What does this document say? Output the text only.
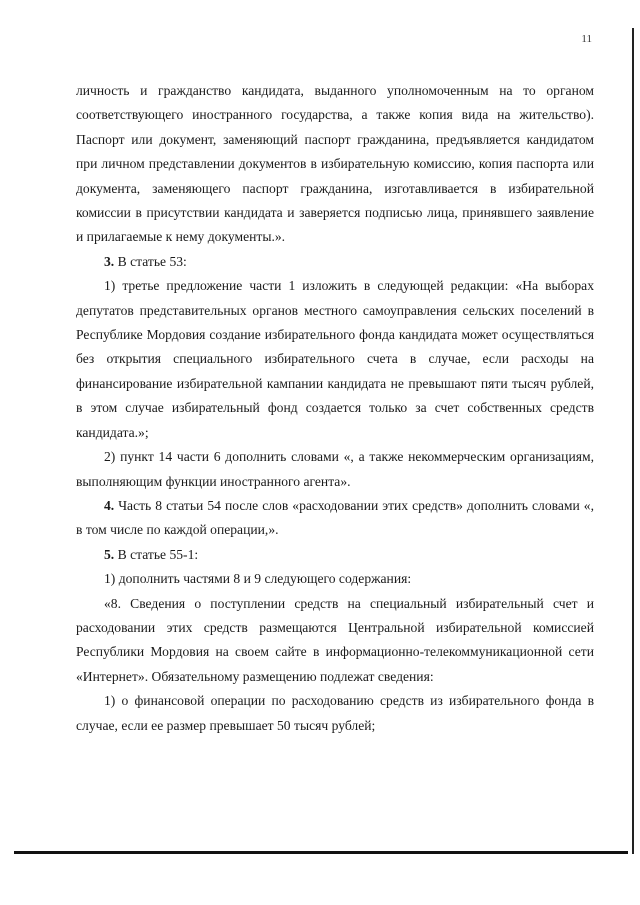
11

личность и гражданство кандидата, выданного уполномоченным на то органом соответствующего иностранного государства, а также копия вида на жительство). Паспорт или документ, заменяющий паспорт гражданина, предъявляется кандидатом при личном представлении документов в избирательную комиссию, копия паспорта или документа, заменяющего паспорт гражданина, изготавливается в избирательной комиссии в присутствии кандидата и заверяется подписью лица, принявшего заявление и прилагаемые к нему документы.».

3. В статье 53:

1) третье предложение части 1 изложить в следующей редакции: «На выборах депутатов представительных органов местного самоуправления сельских поселений в Республике Мордовия создание избирательного фонда кандидата может осуществляться без открытия специального избирательного счета в случае, если расходы на финансирование избирательной кампании кандидата не превышают пяти тысяч рублей, в этом случае избирательный фонд создается только за счет собственных средств кандидата.»;

2) пункт 14 части 6 дополнить словами «, а также некоммерческим организациям, выполняющим функции иностранного агента».

4. Часть 8 статьи 54 после слов «расходовании этих средств» дополнить словами «, в том числе по каждой операции,».

5. В статье 55-1:

1) дополнить частями 8 и 9 следующего содержания:

«8. Сведения о поступлении средств на специальный избирательный счет и расходовании этих средств размещаются Центральной избирательной комиссией Республики Мордовия на своем сайте в информационно-телекоммуникационной сети «Интернет». Обязательному размещению подлежат сведения:

1) о финансовой операции по расходованию средств из избирательного фонда в случае, если ее размер превышает 50 тысяч рублей;
